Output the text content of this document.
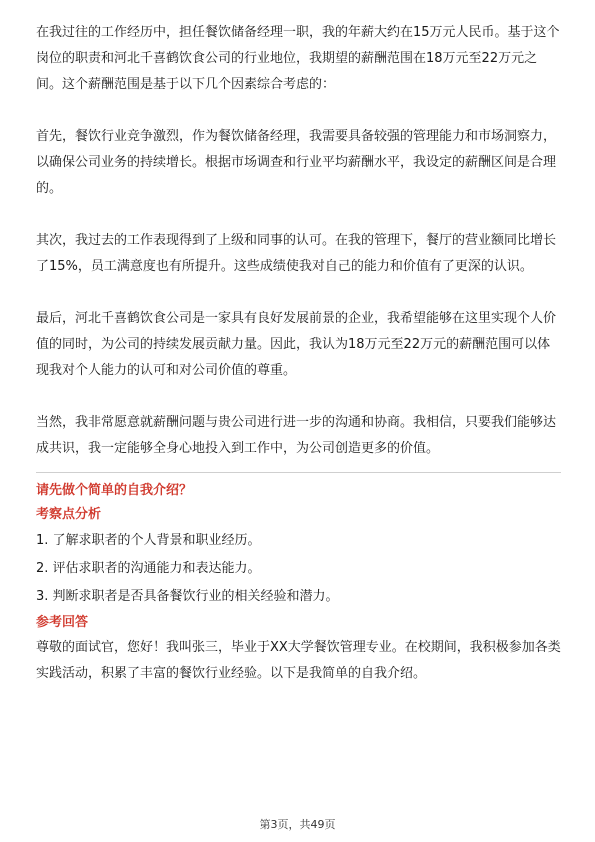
在我过往的工作经历中，担任餐饮储备经理一职，我的年薪大约在15万元人民币。基于这个岗位的职责和河北千喜鹤饮食公司的行业地位，我期望的薪酬范围在18万元至22万元之间。这个薪酬范围是基于以下几个因素综合考虑的：

首先，餐饮行业竞争激烈，作为餐饮储备经理，我需要具备较强的管理能力和市场洞察力，以确保公司业务的持续增长。根据市场调查和行业平均薪酬水平，我设定的薪酬区间是合理的。

其次，我过去的工作表现得到了上级和同事的认可。在我的管理下，餐厅的营业额同比增长了15%，员工满意度也有所提升。这些成绩使我对自己的能力和价值有了更深的认识。

最后，河北千喜鹤饮食公司是一家具有良好发展前景的企业，我希望能够在这里实现个人价值的同时，为公司的持续发展贡献力量。因此，我认为18万元至22万元的薪酬范围可以体现我对个人能力的认可和对公司价值的尊重。

当然，我非常愿意就薪酬问题与贵公司进行进一步的沟通和协商。我相信，只要我们能够达成共识，我一定能够全身心地投入到工作中，为公司创造更多的价值。

请先做个简单的自我介绍？

考察点分析

1. 了解求职者的个人背景和职业经历。

2. 评估求职者的沟通能力和表达能力。

3. 判断求职者是否具备餐饮行业的相关经验和潜力。

参考回答

尊敬的面试官，您好！我叫张三，毕业于XX大学餐饮管理专业。在校期间，我积极参加各类实践活动，积累了丰富的餐饮行业经验。以下是我简单的自我介绍。

第3页，共49页
